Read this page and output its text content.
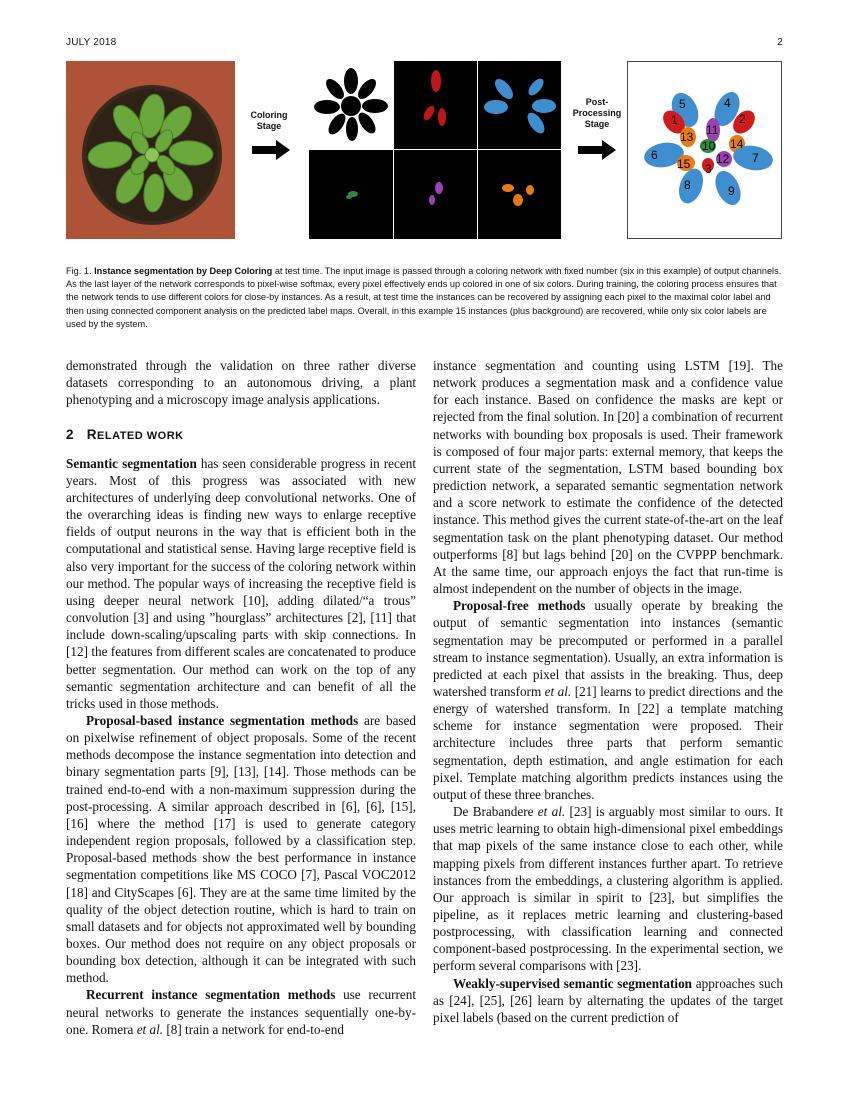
JULY 2018	2
Coloring
Stage
Post-
Processing
Stage
5	4
1	2
13 11
14
10
6	7
15 12
3
8	9
Fig. 1. Instance segmentation by Deep Coloring at test time. The input image is passed through a coloring network with fixed number (six in this example) of output channels. As the last layer of the network corresponds to pixel-wise softmax, every pixel effectively ends up colored in one of six colors. During training, the coloring process ensures that the network tends to use different colors for close-by instances. As a result, at test time the instances can be recovered by assigning each pixel to the maximal color label and then using connected component analysis on the predicted label maps. Overall, in this example 15 instances (plus background) are recovered, while only six color labels are used by the system.

demonstrated through the validation on three rather diverse datasets corresponding to an autonomous driving, a plant phenotyping and a microscopy image analysis applications.

2 RELATED WORK

Semantic segmentation has seen considerable progress in recent years. Most of this progress was associated with new architectures of underlying deep convolutional networks. One of the overarching ideas is finding new ways to enlarge receptive fields of output neurons in the way that is efficient both in the computational and statistical sense. Having large receptive field is also very important for the success of the coloring network within our method. The popular ways of increasing the receptive field is using deeper neural network [10], adding dilated/“a trous” convolution [3] and using ”hourglass” architectures [2], [11] that include down-scaling/upscaling parts with skip connections. In [12] the features from different scales are concatenated to produce better segmentation. Our method can work on the top of any semantic segmentation architecture and can benefit of all the tricks used in those methods.

Proposal-based instance segmentation methods are based on pixelwise refinement of object proposals. Some of the recent methods decompose the instance segmentation into detection and binary segmentation parts [9], [13], [14]. Those methods can be trained end-to-end with a non-maximum suppression during the post-processing. A similar approach described in [6], [6], [15], [16] where the method [17] is used to generate category independent region proposals, followed by a classification step. Proposal-based methods show the best performance in instance segmentation competitions like MS COCO [7], Pascal VOC2012 [18] and CityScapes [6]. They are at the same time limited by the quality of the object detection routine, which is hard to train on small datasets and for objects not approximated well by bounding boxes. Our method does not require on any object proposals or bounding box detection, although it can be integrated with such method.

Recurrent instance segmentation methods use recurrent neural networks to generate the instances sequentially one-by-one. Romera et al. [8] train a network for end-to-end

instance segmentation and counting using LSTM [19]. The network produces a segmentation mask and a confidence value for each instance. Based on confidence the masks are kept or rejected from the final solution. In [20] a combination of recurrent networks with bounding box proposals is used. Their framework is composed of four major parts: external memory, that keeps the current state of the segmentation, LSTM based bounding box prediction network, a separated semantic segmentation network and a score network to estimate the confidence of the detected instance. This method gives the current state-of-the-art on the leaf segmentation task on the plant phenotyping dataset. Our method outperforms [8] but lags behind [20] on the CVPPP benchmark. At the same time, our approach enjoys the fact that run-time is almost independent on the number of objects in the image.

Proposal-free methods usually operate by breaking the output of semantic segmentation into instances (semantic segmentation may be precomputed or performed in a parallel stream to instance segmentation). Usually, an extra information is predicted at each pixel that assists in the breaking. Thus, deep watershed transform et al. [21] learns to predict directions and the energy of watershed transform. In [22] a template matching scheme for instance segmentation were proposed. Their architecture includes three parts that perform semantic segmentation, depth estimation, and angle estimation for each pixel. Template matching algorithm predicts instances using the output of these three branches.

De Brabandere et al. [23] is arguably most similar to ours. It uses metric learning to obtain high-dimensional pixel embeddings that map pixels of the same instance close to each other, while mapping pixels from different instances further apart. To retrieve instances from the embeddings, a clustering algorithm is applied. Our approach is similar in spirit to [23], but simplifies the pipeline, as it replaces metric learning and clustering-based postprocessing, with classification learning and connected component-based postprocessing. In the experimental section, we perform several comparisons with [23].

Weakly-supervised semantic segmentation approaches such as [24], [25], [26] learn by alternating the updates of the target pixel labels (based on the current prediction of
